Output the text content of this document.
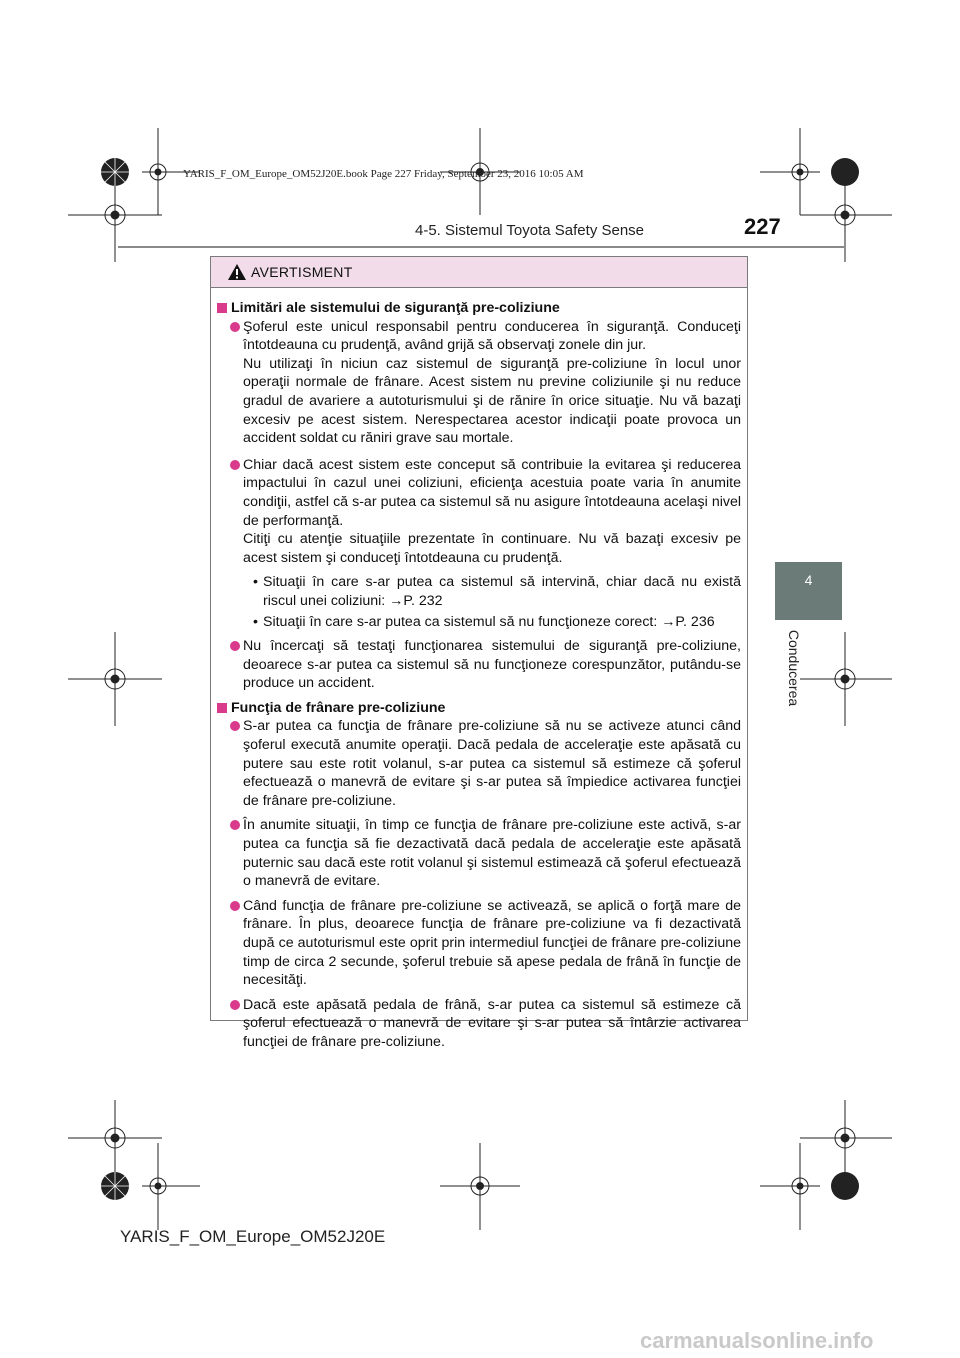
YARIS_F_OM_Europe_OM52J20E.book Page 227 Friday, September 23, 2016 10:05 AM
4-5. Sistemul Toyota Safety Sense	227
4
Conducerea
AVERTISMENT
Limitări ale sistemului de siguranţă pre-coliziune

Şoferul este unicul responsabil pentru conducerea în siguranţă. Conduceţi întotdeauna cu prudenţă, având grijă să observaţi zonele din jur.

Nu utilizaţi în niciun caz sistemul de siguranţă pre-coliziune în locul unor operaţii normale de frânare. Acest sistem nu previne coliziunile şi nu reduce gradul de avariere a autoturismului şi de rănire în orice situaţie. Nu vă bazaţi excesiv pe acest sistem. Nerespectarea acestor indicaţii poate provoca un accident soldat cu răniri grave sau mortale.

Chiar dacă acest sistem este conceput să contribuie la evitarea şi reducerea impactului în cazul unei coliziuni, eficienţa acestuia poate varia în anumite condiţii, astfel că s-ar putea ca sistemul să nu asigure întotdeauna acelaşi nivel de performanţă.

Citiţi cu atenţie situaţiile prezentate în continuare. Nu vă bazaţi excesiv pe acest sistem şi conduceţi întotdeauna cu prudenţă.

• Situaţii în care s-ar putea ca sistemul să intervină, chiar dacă nu există riscul unei coliziuni: →P. 232
• Situaţii în care s-ar putea ca sistemul să nu funcţioneze corect: →P. 236

Nu încercaţi să testaţi funcţionarea sistemului de siguranţă pre-coliziune, deoarece s-ar putea ca sistemul să nu funcţioneze corespunzător, putându-se produce un accident.

Funcţia de frânare pre-coliziune

S-ar putea ca funcţia de frânare pre-coliziune să nu se activeze atunci când şoferul execută anumite operaţii. Dacă pedala de acceleraţie este apăsată cu putere sau este rotit volanul, s-ar putea ca sistemul să estimeze că şoferul efectuează o manevră de evitare şi s-ar putea să împiedice activarea funcţiei de frânare pre-coliziune.

În anumite situaţii, în timp ce funcţia de frânare pre-coliziune este activă, s-ar putea ca funcţia să fie dezactivată dacă pedala de acceleraţie este apăsată puternic sau dacă este rotit volanul şi sistemul estimează că şoferul efectuează o manevră de evitare.

Când funcţia de frânare pre-coliziune se activează, se aplică o forţă mare de frânare. În plus, deoarece funcţia de frânare pre-coliziune va fi dezactivată după ce autoturismul este oprit prin intermediul funcţiei de frânare pre-coliziune timp de circa 2 secunde, şoferul trebuie să apese pedala de frână în funcţie de necesităţi.

Dacă este apăsată pedala de frână, s-ar putea ca sistemul să estimeze că şoferul efectuează o manevră de evitare şi s-ar putea să întârzie activarea funcţiei de frânare pre-coliziune.

YARIS_F_OM_Europe_OM52J20E
carmanualsonline.info
